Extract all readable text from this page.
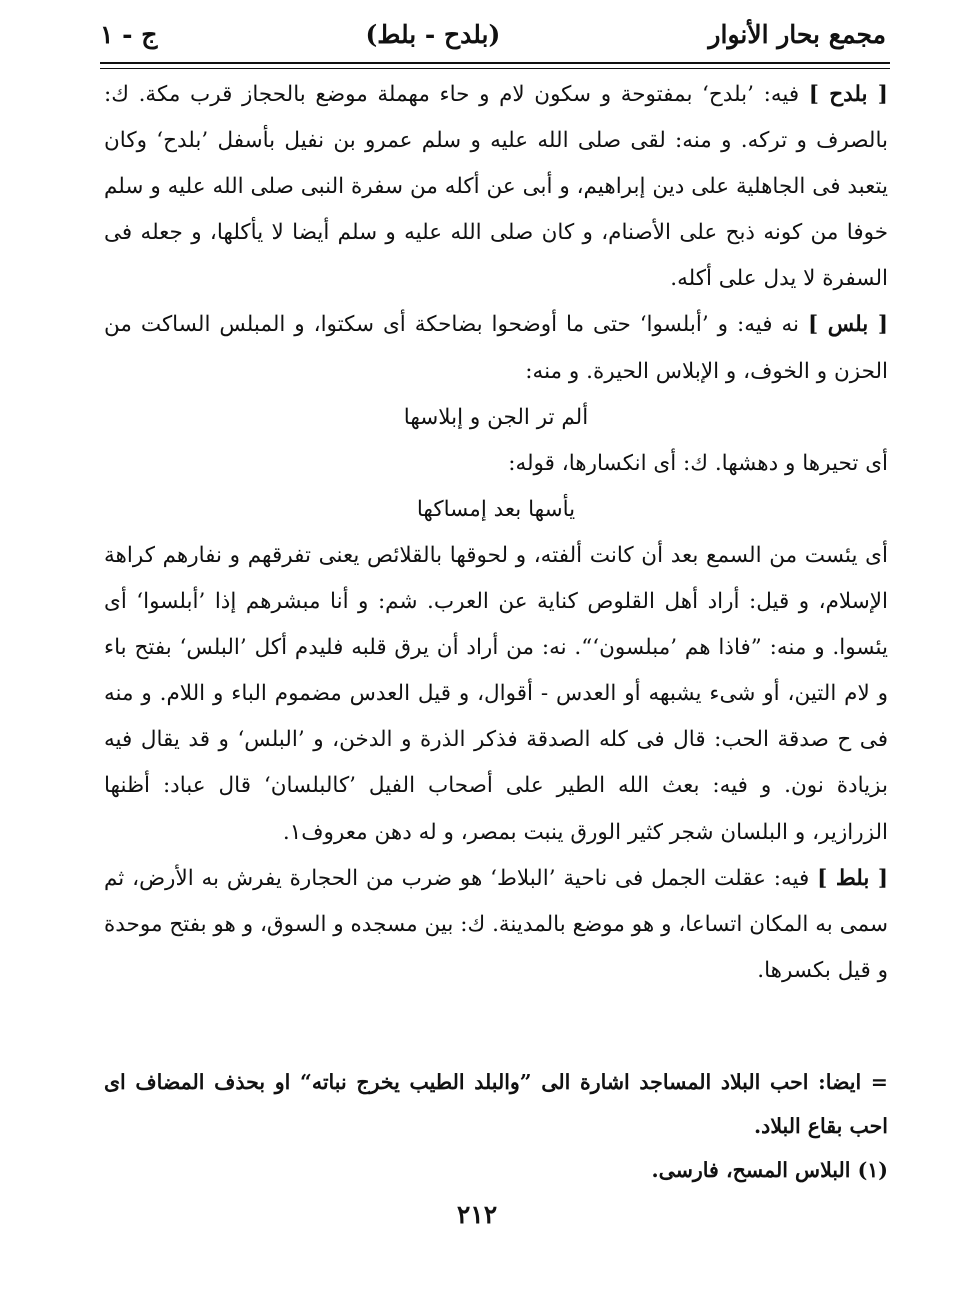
مجمع بحار الأنوار
(بلدح - بلط)
ج - ١

[ بلدح ] فيه: ’بلدح‘ بمفتوحة و سكون لام و حاء مهملة موضع بالحجاز قرب مكة. ك: بالصرف و تركه. و منه: لقى صلى الله عليه و سلم عمرو بن نفيل بأسفل ’بلدح‘ وكان يتعبد فى الجاهلية على دين إبراهيم، و أبى عن أكله من سفرة النبى صلى الله عليه و سلم خوفا من كونه ذبح على الأصنام، و كان صلى الله عليه و سلم أيضا لا يأكلها، و جعله فى السفرة لا يدل على أكله.

[ بلس ] نه فيه: و ’أبلسوا‘ حتى ما أوضحوا بضاحكة أى سكتوا، و المبلس الساكت من الحزن و الخوف، و الإبلاس الحيرة. و منه:

ألم تر الجن و إبلاسها

أى تحيرها و دهشها. ك: أى انكسارها، قوله:

يأسها بعد إمساكها

أى يئست من السمع بعد أن كانت ألفته، و لحوقها بالقلائص يعنى تفرقهم و نفارهم كراهة الإسلام، و قيل: أراد أهل القلوص كناية عن العرب. شم: و أنا مبشرهم إذا ’أبلسوا‘ أى يئسوا. و منه: ”فاذا هم ’مبلسون‘“. نه: من أراد أن يرق قلبه فليدم أكل ’البلس‘ بفتح باء و لام التين، أو شىء يشبهه أو العدس - أقوال، و قيل العدس مضموم الباء و اللام. و منه فى ح صدقة الحب: قال فى كله الصدقة فذكر الذرة و الدخن، و ’البلس‘ و قد يقال فيه بزيادة نون. و فيه: بعث الله الطير على أصحاب الفيل ’كالبلسان‘ قال عباد: أظنها الزرازير، و البلسان شجر كثير الورق ينبت بمصر، و له دهن معروف١.

[ بلط ] فيه: عقلت الجمل فى ناحية ’البلاط‘ هو ضرب من الحجارة يفرش به الأرض، ثم سمى به المكان اتساعا، و هو موضع بالمدينة. ك: بين مسجده و السوق، و هو بفتح موحدة و قيل بكسرها.

= ايضا: احب البلاد المساجد اشارة الى ”والبلد الطيب يخرج نباته“ او بحذف المضاف اى احب بقاع البلاد.

(١) البلاس المسح، فارسى.

٢١٢
